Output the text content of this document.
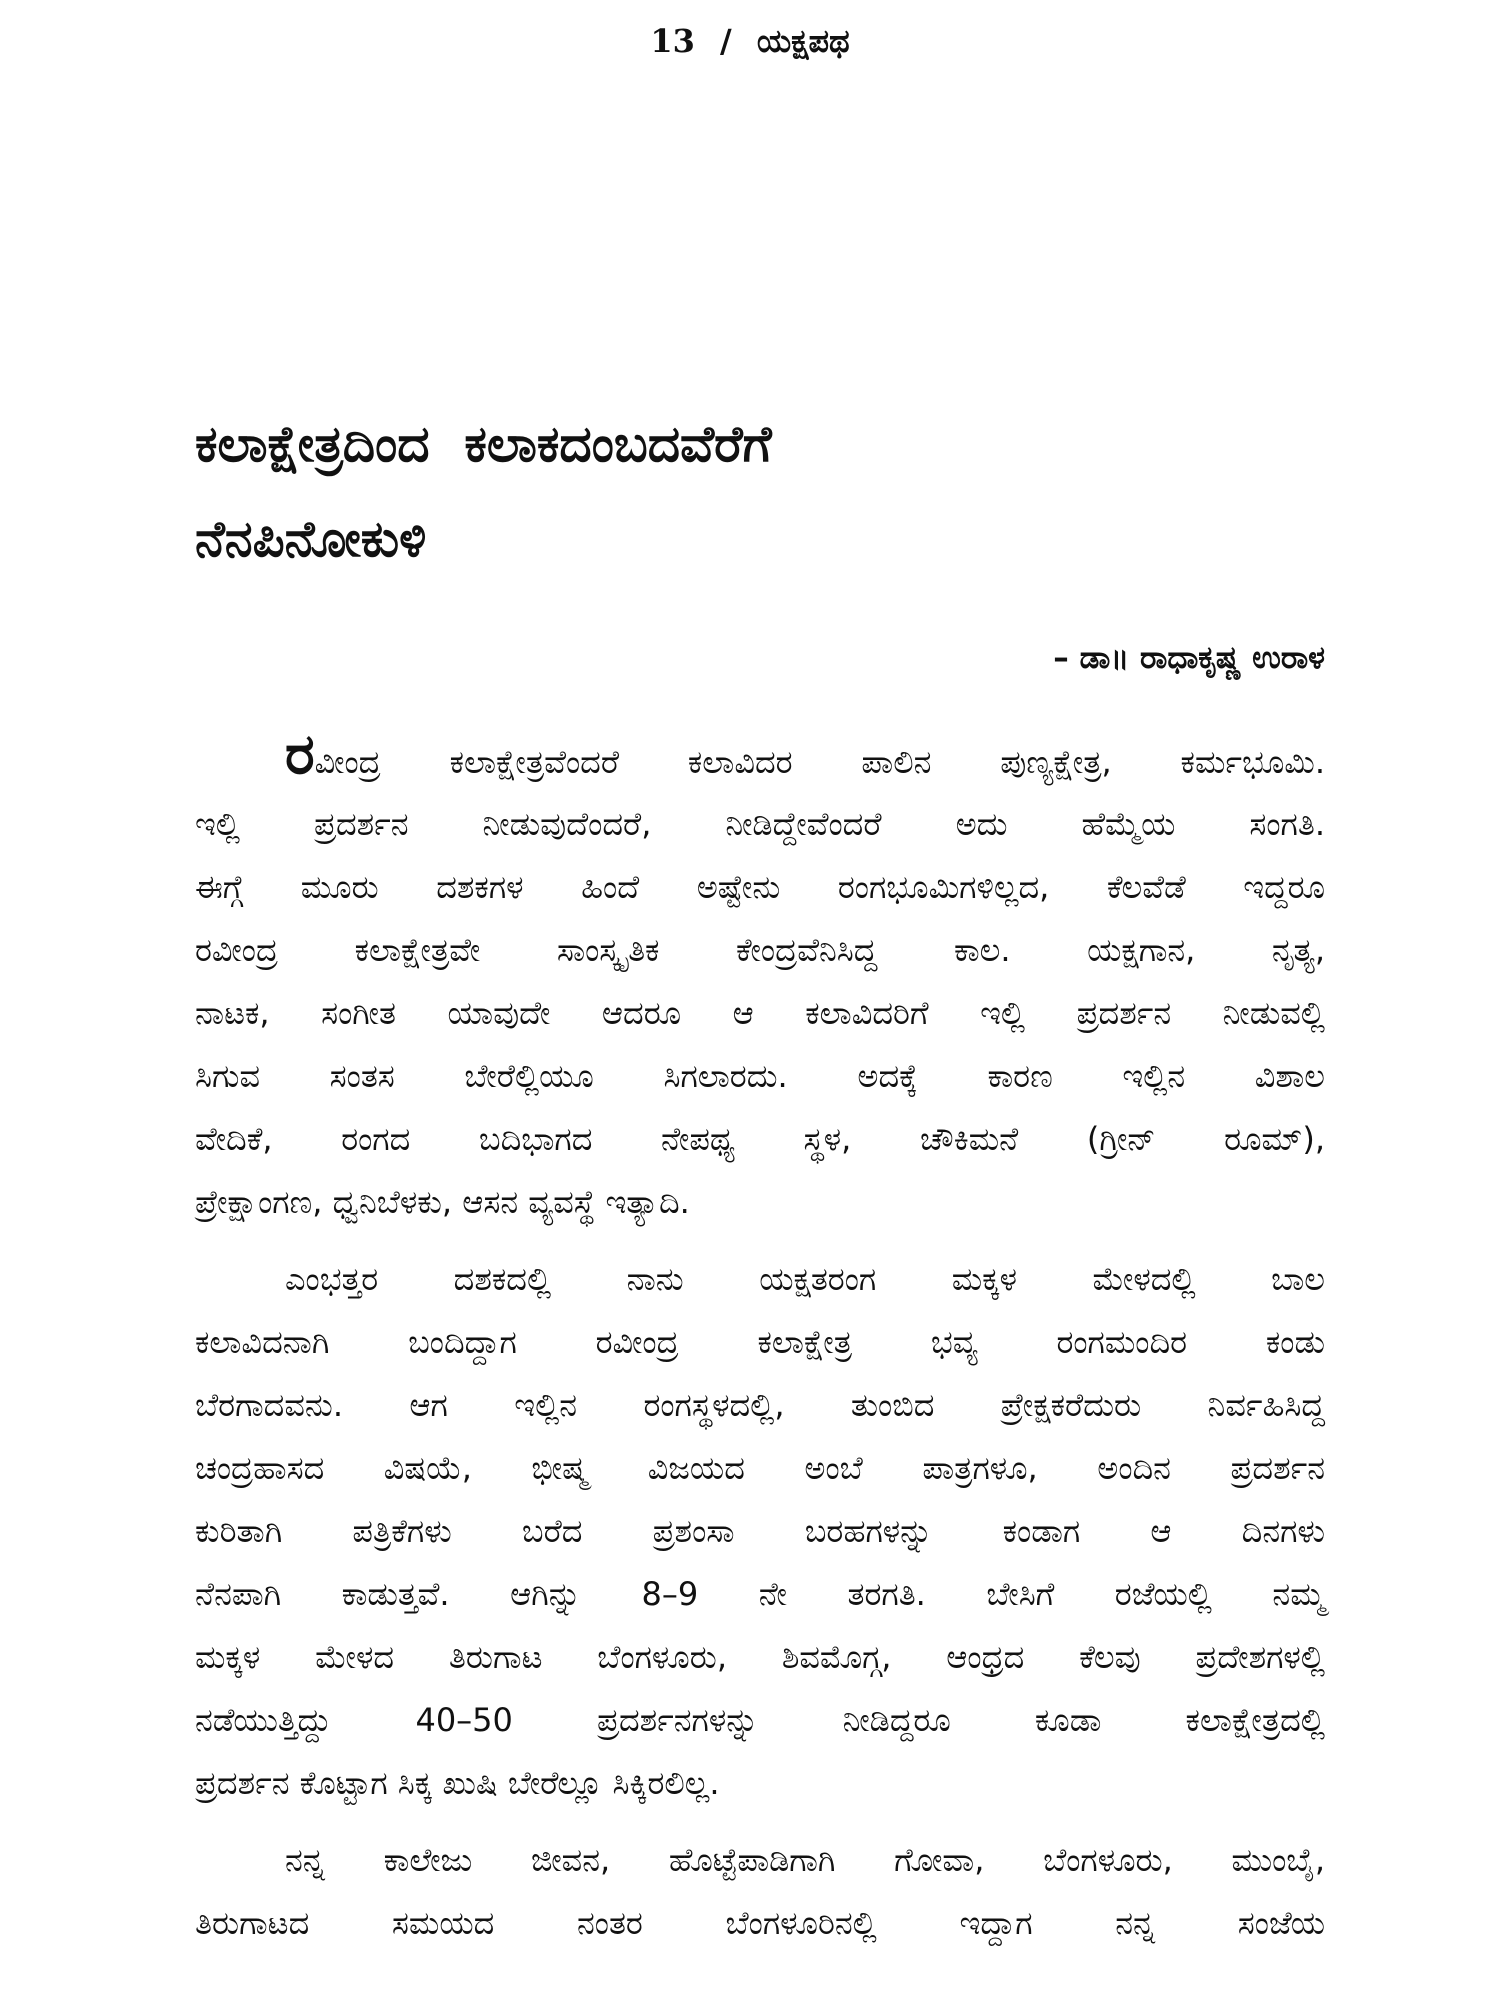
13 / ಯಕ್ಷಪಥ
ಕಲಾಕ್ಷೇತ್ರದಿಂದ  ಕಲಾಕದಂಬದವೆರೆಗೆ
ನೆನಪಿನೋಕುಳಿ
– ಡಾ॥ ರಾಧಾಕೃಷ್ಣ ಉರಾಳ
ರವೀಂದ್ರ ಕಲಾಕ್ಷೇತ್ರವೆಂದರೆ ಕಲಾವಿದರ ಪಾಲಿನ ಪುಣ್ಯಕ್ಷೇತ್ರ, ಕರ್ಮಭೂಮಿ.
ಇಲ್ಲಿ ಪ್ರದರ್ಶನ ನೀಡುವುದೆಂದರೆ, ನೀಡಿದ್ದೇವೆಂದರೆ ಅದು ಹೆಮ್ಮೆಯ ಸಂಗತಿ.
ಈಗ್ಗೆ ಮೂರು ದಶಕಗಳ ಹಿಂದೆ ಅಷ್ಟೇನು ರಂಗಭೂಮಿಗಳಿಲ್ಲದ, ಕೆಲವೆಡೆ ಇದ್ದರೂ
ರವೀಂದ್ರ ಕಲಾಕ್ಷೇತ್ರವೇ ಸಾಂಸ್ಕೃತಿಕ ಕೇಂದ್ರವೆನಿಸಿದ್ದ ಕಾಲ. ಯಕ್ಷಗಾನ, ನೃತ್ಯ,
ನಾಟಕ, ಸಂಗೀತ ಯಾವುದೇ ಆದರೂ ಆ ಕಲಾವಿದರಿಗೆ ಇಲ್ಲಿ ಪ್ರದರ್ಶನ ನೀಡುವಲ್ಲಿ
ಸಿಗುವ ಸಂತಸ ಬೇರೆಲ್ಲಿಯೂ ಸಿಗಲಾರದು. ಅದಕ್ಕೆ ಕಾರಣ ಇಲ್ಲಿನ ವಿಶಾಲ
ವೇದಿಕೆ, ರಂಗದ ಬದಿಭಾಗದ ನೇಪಥ್ಯ ಸ್ಥಳ, ಚೌಕಿಮನೆ (ಗ್ರೀನ್ ರೂಮ್),
ಪ್ರೇಕ್ಷಾಂಗಣ, ಧ್ವನಿಬೆಳಕು, ಆಸನ ವ್ಯವಸ್ಥೆ ಇತ್ಯಾದಿ.
ಎಂಭತ್ತರ ದಶಕದಲ್ಲಿ ನಾನು ಯಕ್ಷತರಂಗ ಮಕ್ಕಳ ಮೇಳದಲ್ಲಿ ಬಾಲ
ಕಲಾವಿದನಾಗಿ ಬಂದಿದ್ದಾಗ ರವೀಂದ್ರ ಕಲಾಕ್ಷೇತ್ರ ಭವ್ಯ ರಂಗಮಂದಿರ ಕಂಡು
ಬೆರಗಾದವನು. ಆಗ ಇಲ್ಲಿನ ರಂಗಸ್ಥಳದಲ್ಲಿ, ತುಂಬಿದ ಪ್ರೇಕ್ಷಕರೆದುರು ನಿರ್ವಹಿಸಿದ್ದ
ಚಂದ್ರಹಾಸದ ವಿಷಯೆ, ಭೀಷ್ಮ ವಿಜಯದ ಅಂಬೆ ಪಾತ್ರಗಳೂ, ಅಂದಿನ ಪ್ರದರ್ಶನ
ಕುರಿತಾಗಿ ಪತ್ರಿಕೆಗಳು ಬರೆದ ಪ್ರಶಂಸಾ ಬರಹಗಳನ್ನು ಕಂಡಾಗ ಆ ದಿನಗಳು
ನೆನಪಾಗಿ ಕಾಡುತ್ತವೆ. ಆಗಿನ್ನು 8–9 ನೇ ತರಗತಿ. ಬೇಸಿಗೆ ರಜೆಯಲ್ಲಿ ನಮ್ಮ
ಮಕ್ಕಳ ಮೇಳದ ತಿರುಗಾಟ ಬೆಂಗಳೂರು, ಶಿವಮೊಗ್ಗ, ಆಂಧ್ರದ ಕೆಲವು ಪ್ರದೇಶಗಳಲ್ಲಿ
ನಡೆಯುತ್ತಿದ್ದು 40–50 ಪ್ರದರ್ಶನಗಳನ್ನು ನೀಡಿದ್ದರೂ ಕೂಡಾ ಕಲಾಕ್ಷೇತ್ರದಲ್ಲಿ
ಪ್ರದರ್ಶನ ಕೊಟ್ಟಾಗ ಸಿಕ್ಕ ಖುಷಿ ಬೇರೆಲ್ಲೂ ಸಿಕ್ಕಿರಲಿಲ್ಲ.
ನನ್ನ ಕಾಲೇಜು ಜೀವನ, ಹೊಟ್ಟೆಪಾಡಿಗಾಗಿ ಗೋವಾ, ಬೆಂಗಳೂರು, ಮುಂಬೈ,
ತಿರುಗಾಟದ ಸಮಯದ ನಂತರ ಬೆಂಗಳೂರಿನಲ್ಲಿ ಇದ್ದಾಗ ನನ್ನ ಸಂಜೆಯ
